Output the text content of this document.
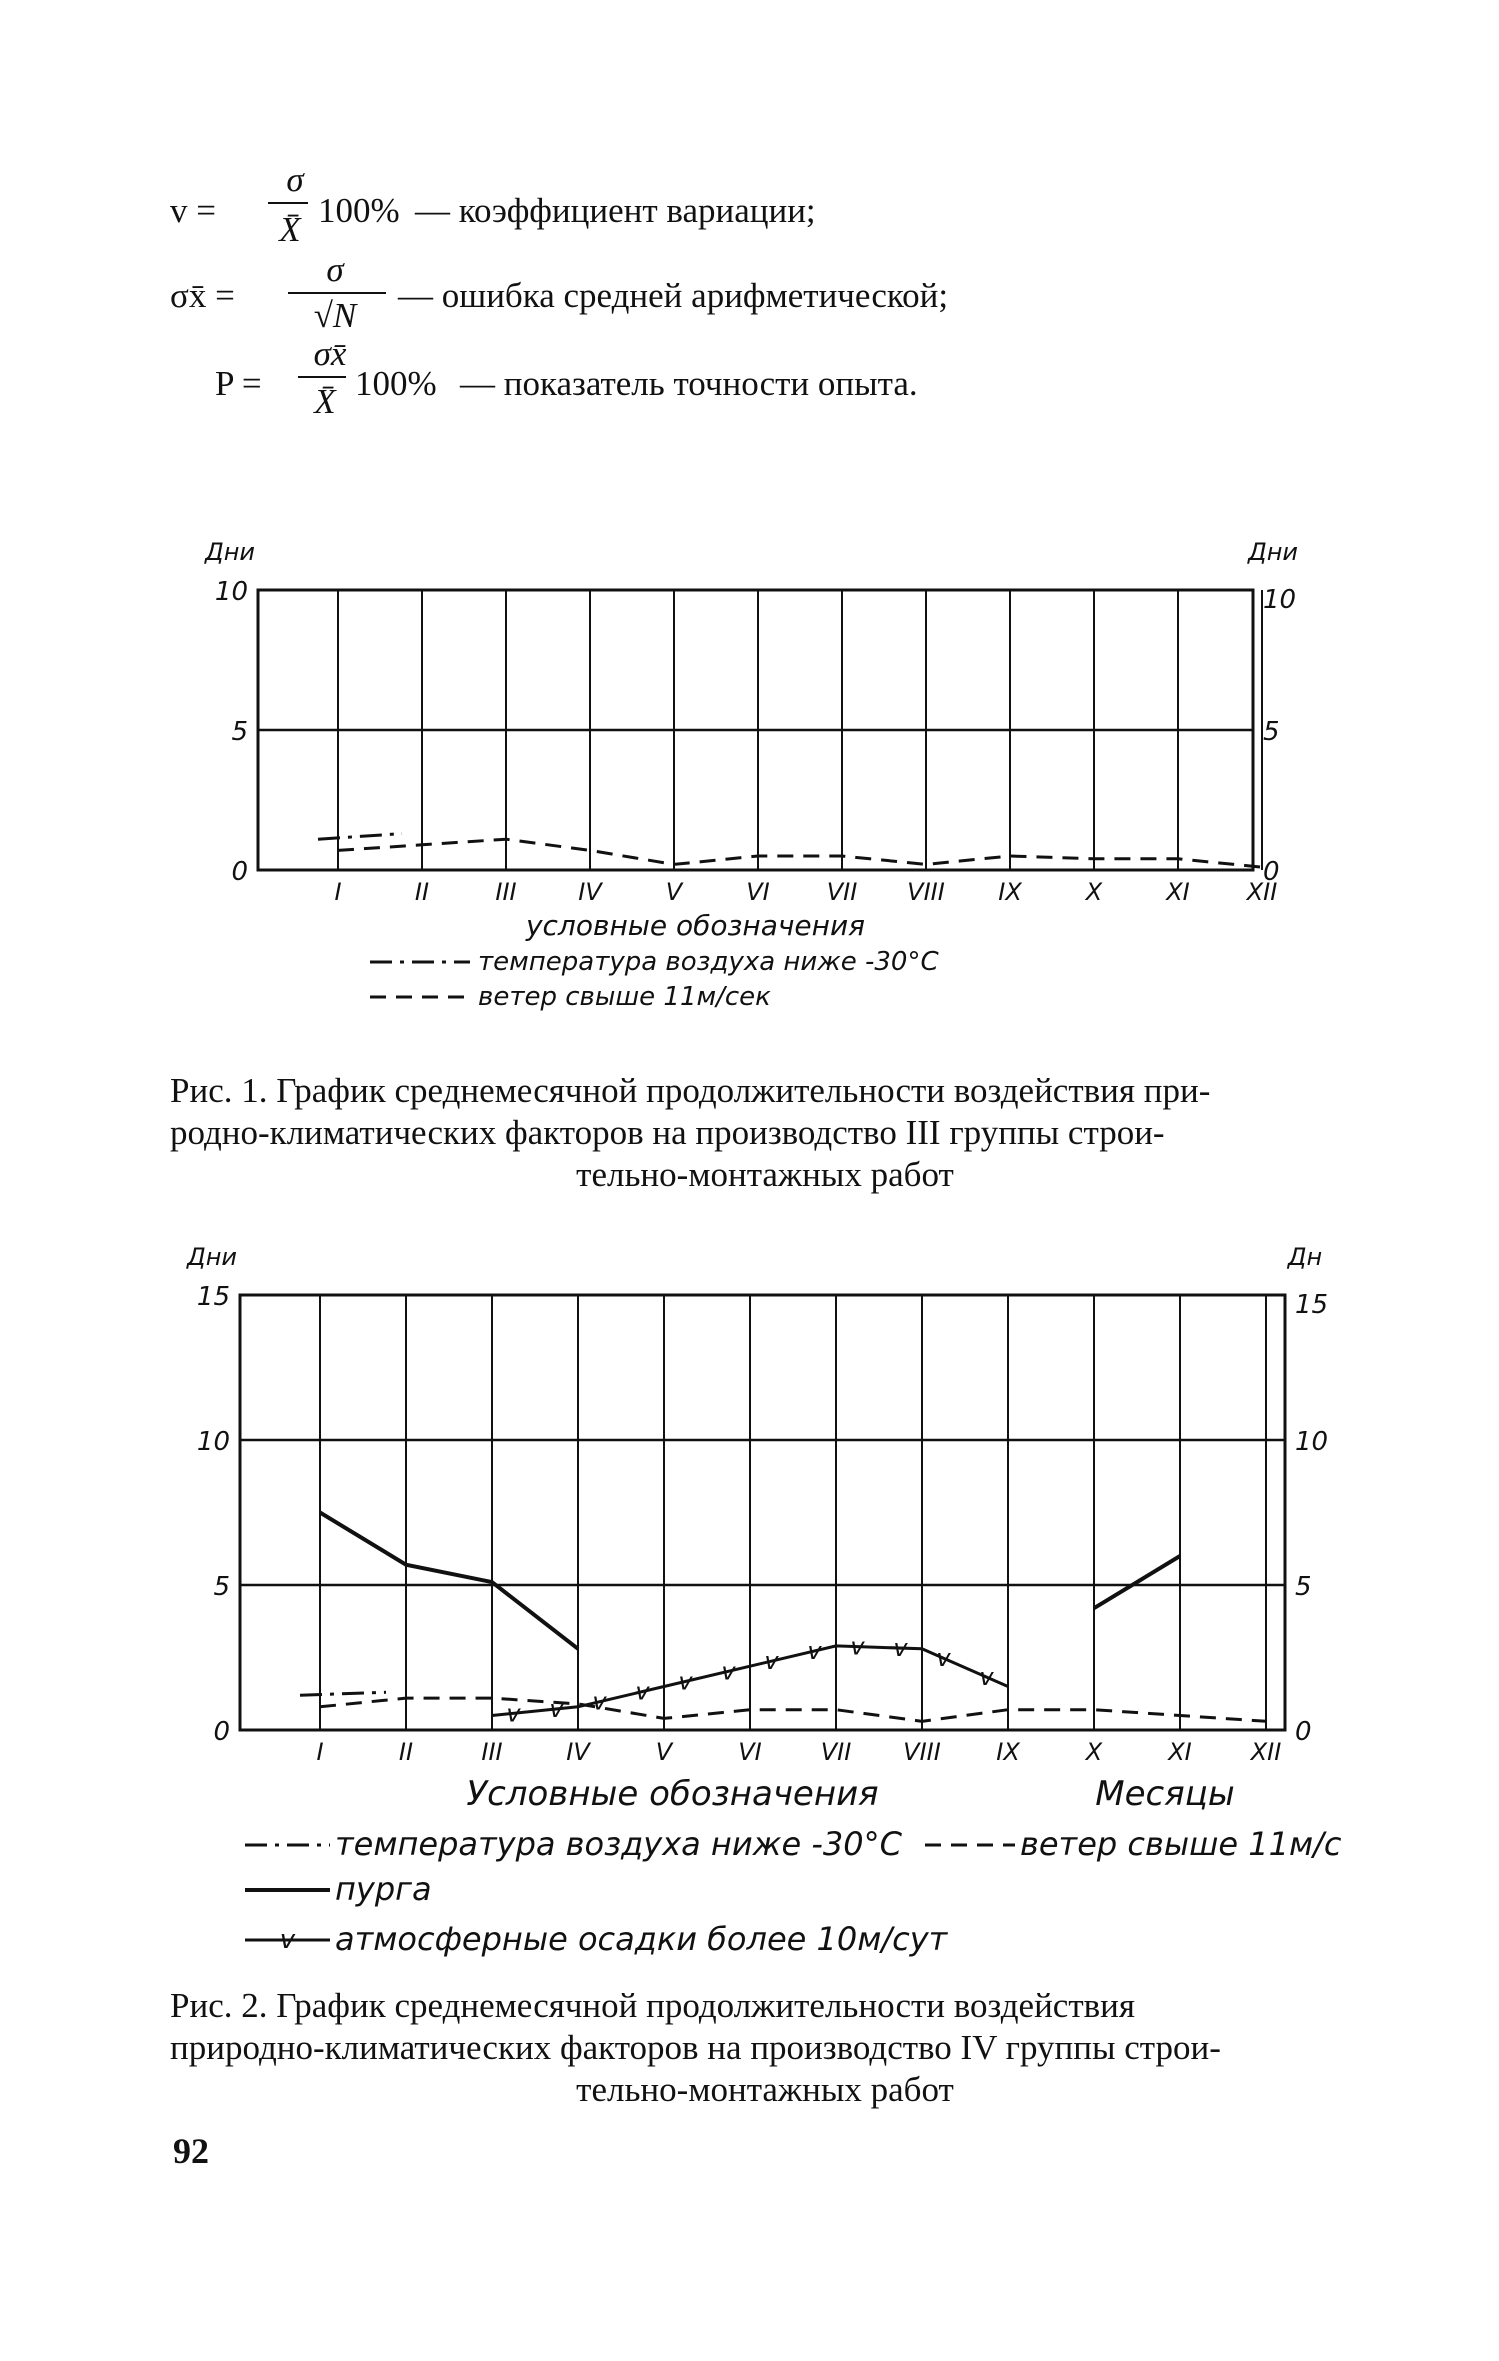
v =
σ
X̄ 100% — коэффициент вариации;
σx̄ =
σ
√N
— ошибка средней арифметической;
P =
σx̄
X̄ 100% — показатель точности опыта.
0	0
5	5
10	10
Дни	Дни
I	II	III	IV	V	VI VII VIII IX	X	XI XII
условные обозначения
температура воздуха ниже -30°С
ветер свыше 11м/сек
v v v v v v v v v v v
v
v
0	0
5	5
10	10
15	15
Дни	Дн
I	II	III	IV	V	VI VII VIII IX	X	XI XII
Месяцы
Условные обозначения
температура воздуха ниже -30°С	ветер свыше 11м/с
пурга
атмосферные осадки более 10м/сут
Рис. 1. График среднемесячной продолжительности воздействия при-
родно-климатических факторов на производство III группы строи-
тельно-монтажных работ
Рис. 2. График среднемесячной продолжительности воздействия
природно-климатических факторов на производство IV группы строи-
тельно-монтажных работ
92
